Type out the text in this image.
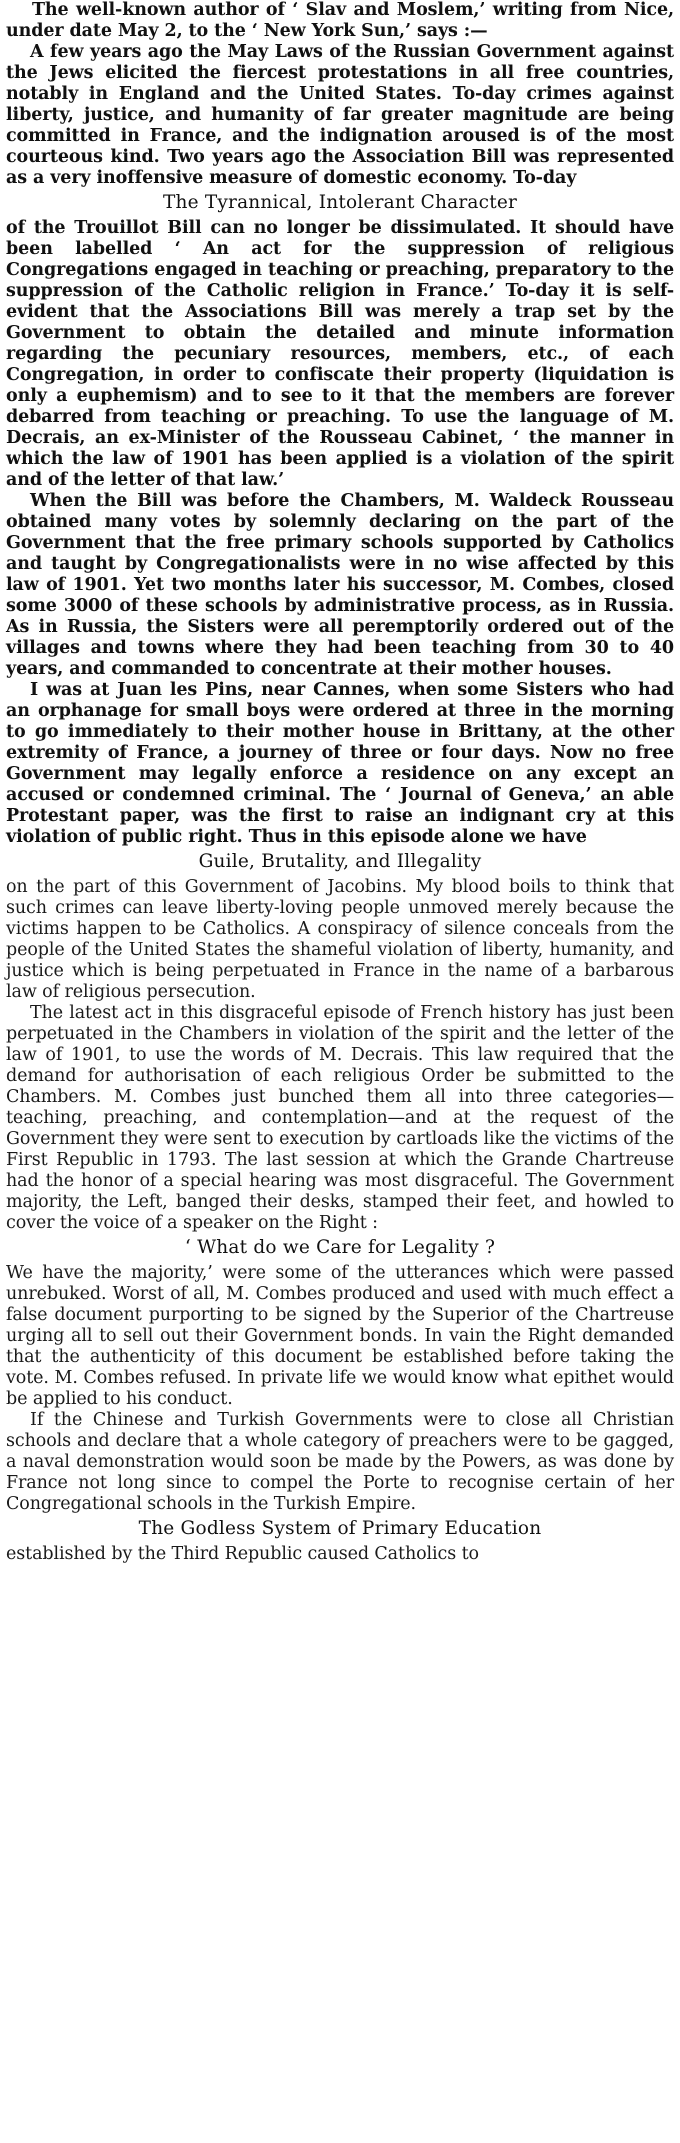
The well-known author of ‘ Slav and Moslem,’ writing from Nice, under date May 2, to the ‘ New York Sun,’ says :—

A few years ago the May Laws of the Russian Government against the Jews elicited the fiercest protestations in all free countries, notably in England and the United States. To-day crimes against liberty, justice, and humanity of far greater magnitude are being committed in France, and the indignation aroused is of the most courteous kind. Two years ago the Association Bill was represented as a very inoffensive measure of domestic economy. To-day

The Tyrannical, Intolerant Character

of the Trouillot Bill can no longer be dissimulated. It should have been labelled ‘ An act for the suppression of religious Congregations engaged in teaching or preaching, preparatory to the suppression of the Catholic religion in France.’ To-day it is self-evident that the Associations Bill was merely a trap set by the Government to obtain the detailed and minute information regarding the pecuniary resources, members, etc., of each Congregation, in order to confiscate their property (liquidation is only a euphemism) and to see to it that the members are forever debarred from teaching or preaching. To use the language of M. Decrais, an ex-Minister of the Rousseau Cabinet, ‘ the manner in which the law of 1901 has been applied is a violation of the spirit and of the letter of that law.’

When the Bill was before the Chambers, M. Waldeck Rousseau obtained many votes by solemnly declaring on the part of the Government that the free primary schools supported by Catholics and taught by Congregationalists were in no wise affected by this law of 1901. Yet two months later his successor, M. Combes, closed some 3000 of these schools by administrative process, as in Russia. As in Russia, the Sisters were all peremptorily ordered out of the villages and towns where they had been teaching from 30 to 40 years, and commanded to concentrate at their mother houses.

I was at Juan les Pins, near Cannes, when some Sisters who had an orphanage for small boys were ordered at three in the morning to go immediately to their mother house in Brittany, at the other extremity of France, a journey of three or four days. Now no free Government may legally enforce a residence on any except an accused or condemned criminal. The ‘ Journal of Geneva,’ an able Protestant paper, was the first to raise an indignant cry at this violation of public right. Thus in this episode alone we have

Guile, Brutality, and Illegality

on the part of this Government of Jacobins. My blood boils to think that such crimes can leave liberty-loving people unmoved merely because the victims happen to be Catholics. A conspiracy of silence conceals from the people of the United States the shameful violation of liberty, humanity, and justice which is being perpetuated in France in the name of a barbarous law of religious persecution.

The latest act in this disgraceful episode of French history has just been perpetuated in the Chambers in violation of the spirit and the letter of the law of 1901, to use the words of M. Decrais. This law required that the demand for authorisation of each religious Order be submitted to the Chambers. M. Combes just bunched them all into three categories—teaching, preaching, and contemplation—and at the request of the Government they were sent to execution by cartloads like the victims of the First Republic in 1793. The last session at which the Grande Chartreuse had the honor of a special hearing was most disgraceful. The Government majority, the Left, banged their desks, stamped their feet, and howled to cover the voice of a speaker on the Right :

‘ What do we Care for Legality ?

We have the majority,’ were some of the utterances which were passed unrebuked. Worst of all, M. Combes produced and used with much effect a false document purporting to be signed by the Superior of the Chartreuse urging all to sell out their Government bonds. In vain the Right demanded that the authenticity of this document be established before taking the vote. M. Combes refused. In private life we would know what epithet would be applied to his conduct.

If the Chinese and Turkish Governments were to close all Christian schools and declare that a whole category of preachers were to be gagged, a naval demonstration would soon be made by the Powers, as was done by France not long since to compel the Porte to recognise certain of her Congregational schools in the Turkish Empire.

The Godless System of Primary Education

established by the Third Republic caused Catholics to
